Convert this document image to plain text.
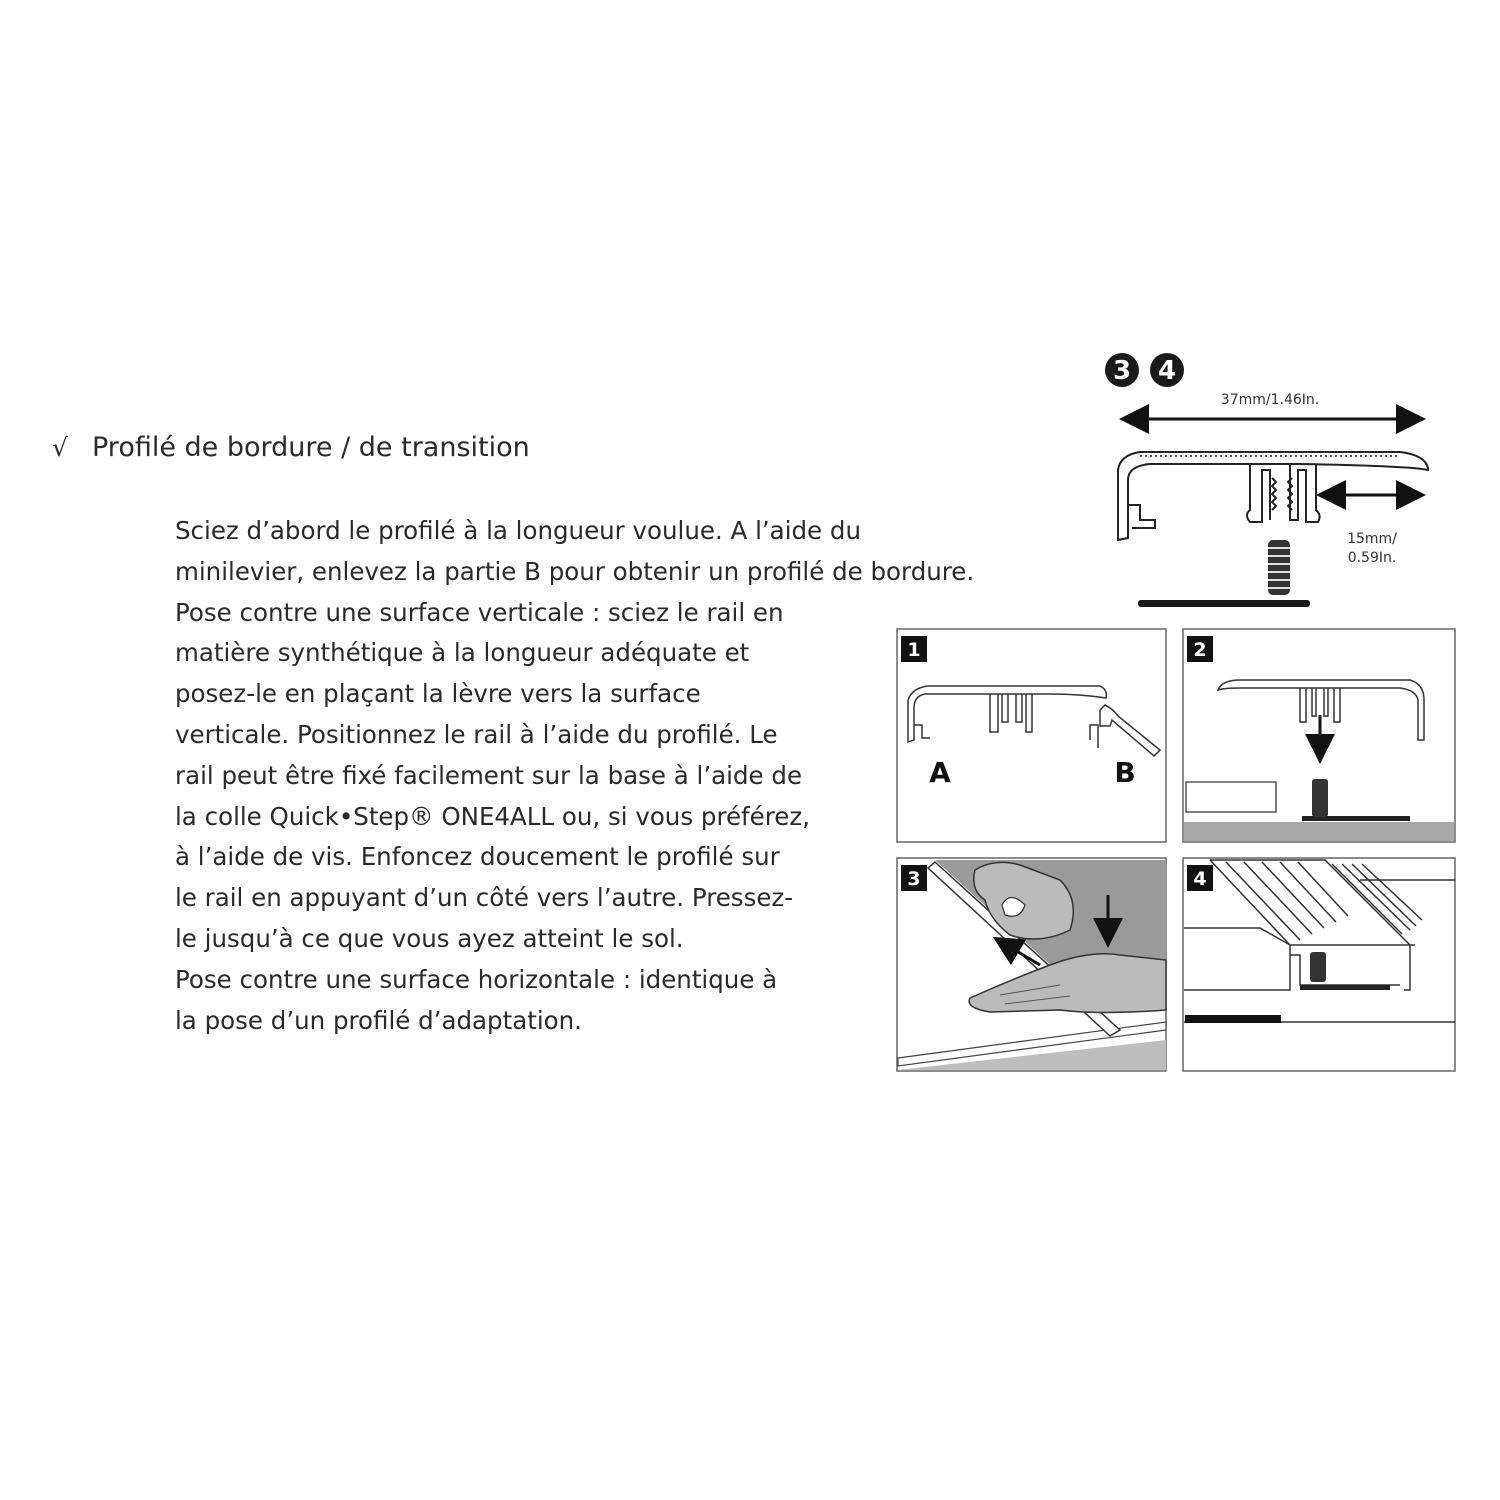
√ Profilé de bordure / de transition

Sciez d’abord le profilé à la longueur voulue. A l’aide du
minilevier, enlevez la partie B pour obtenir un profilé de bordure.
Pose contre une surface verticale : sciez le rail en
matière synthétique à la longueur adéquate et
posez-le en plaçant la lèvre vers la surface
verticale. Positionnez le rail à l’aide du profilé. Le
rail peut être fixé facilement sur la base à l’aide de
la colle Quick•Step® ONE4ALL ou, si vous préférez,
à l’aide de vis. Enfoncez doucement le profilé sur
le rail en appuyant d’un côté vers l’autre. Pressez-
le jusqu’à ce que vous ayez atteint le sol.
Pose contre une surface horizontale : identique à
la pose d’un profilé d’adaptation.

3 4
37mm/1.46In.
15mm/
0.59In.
1
A	B
2
3	4
